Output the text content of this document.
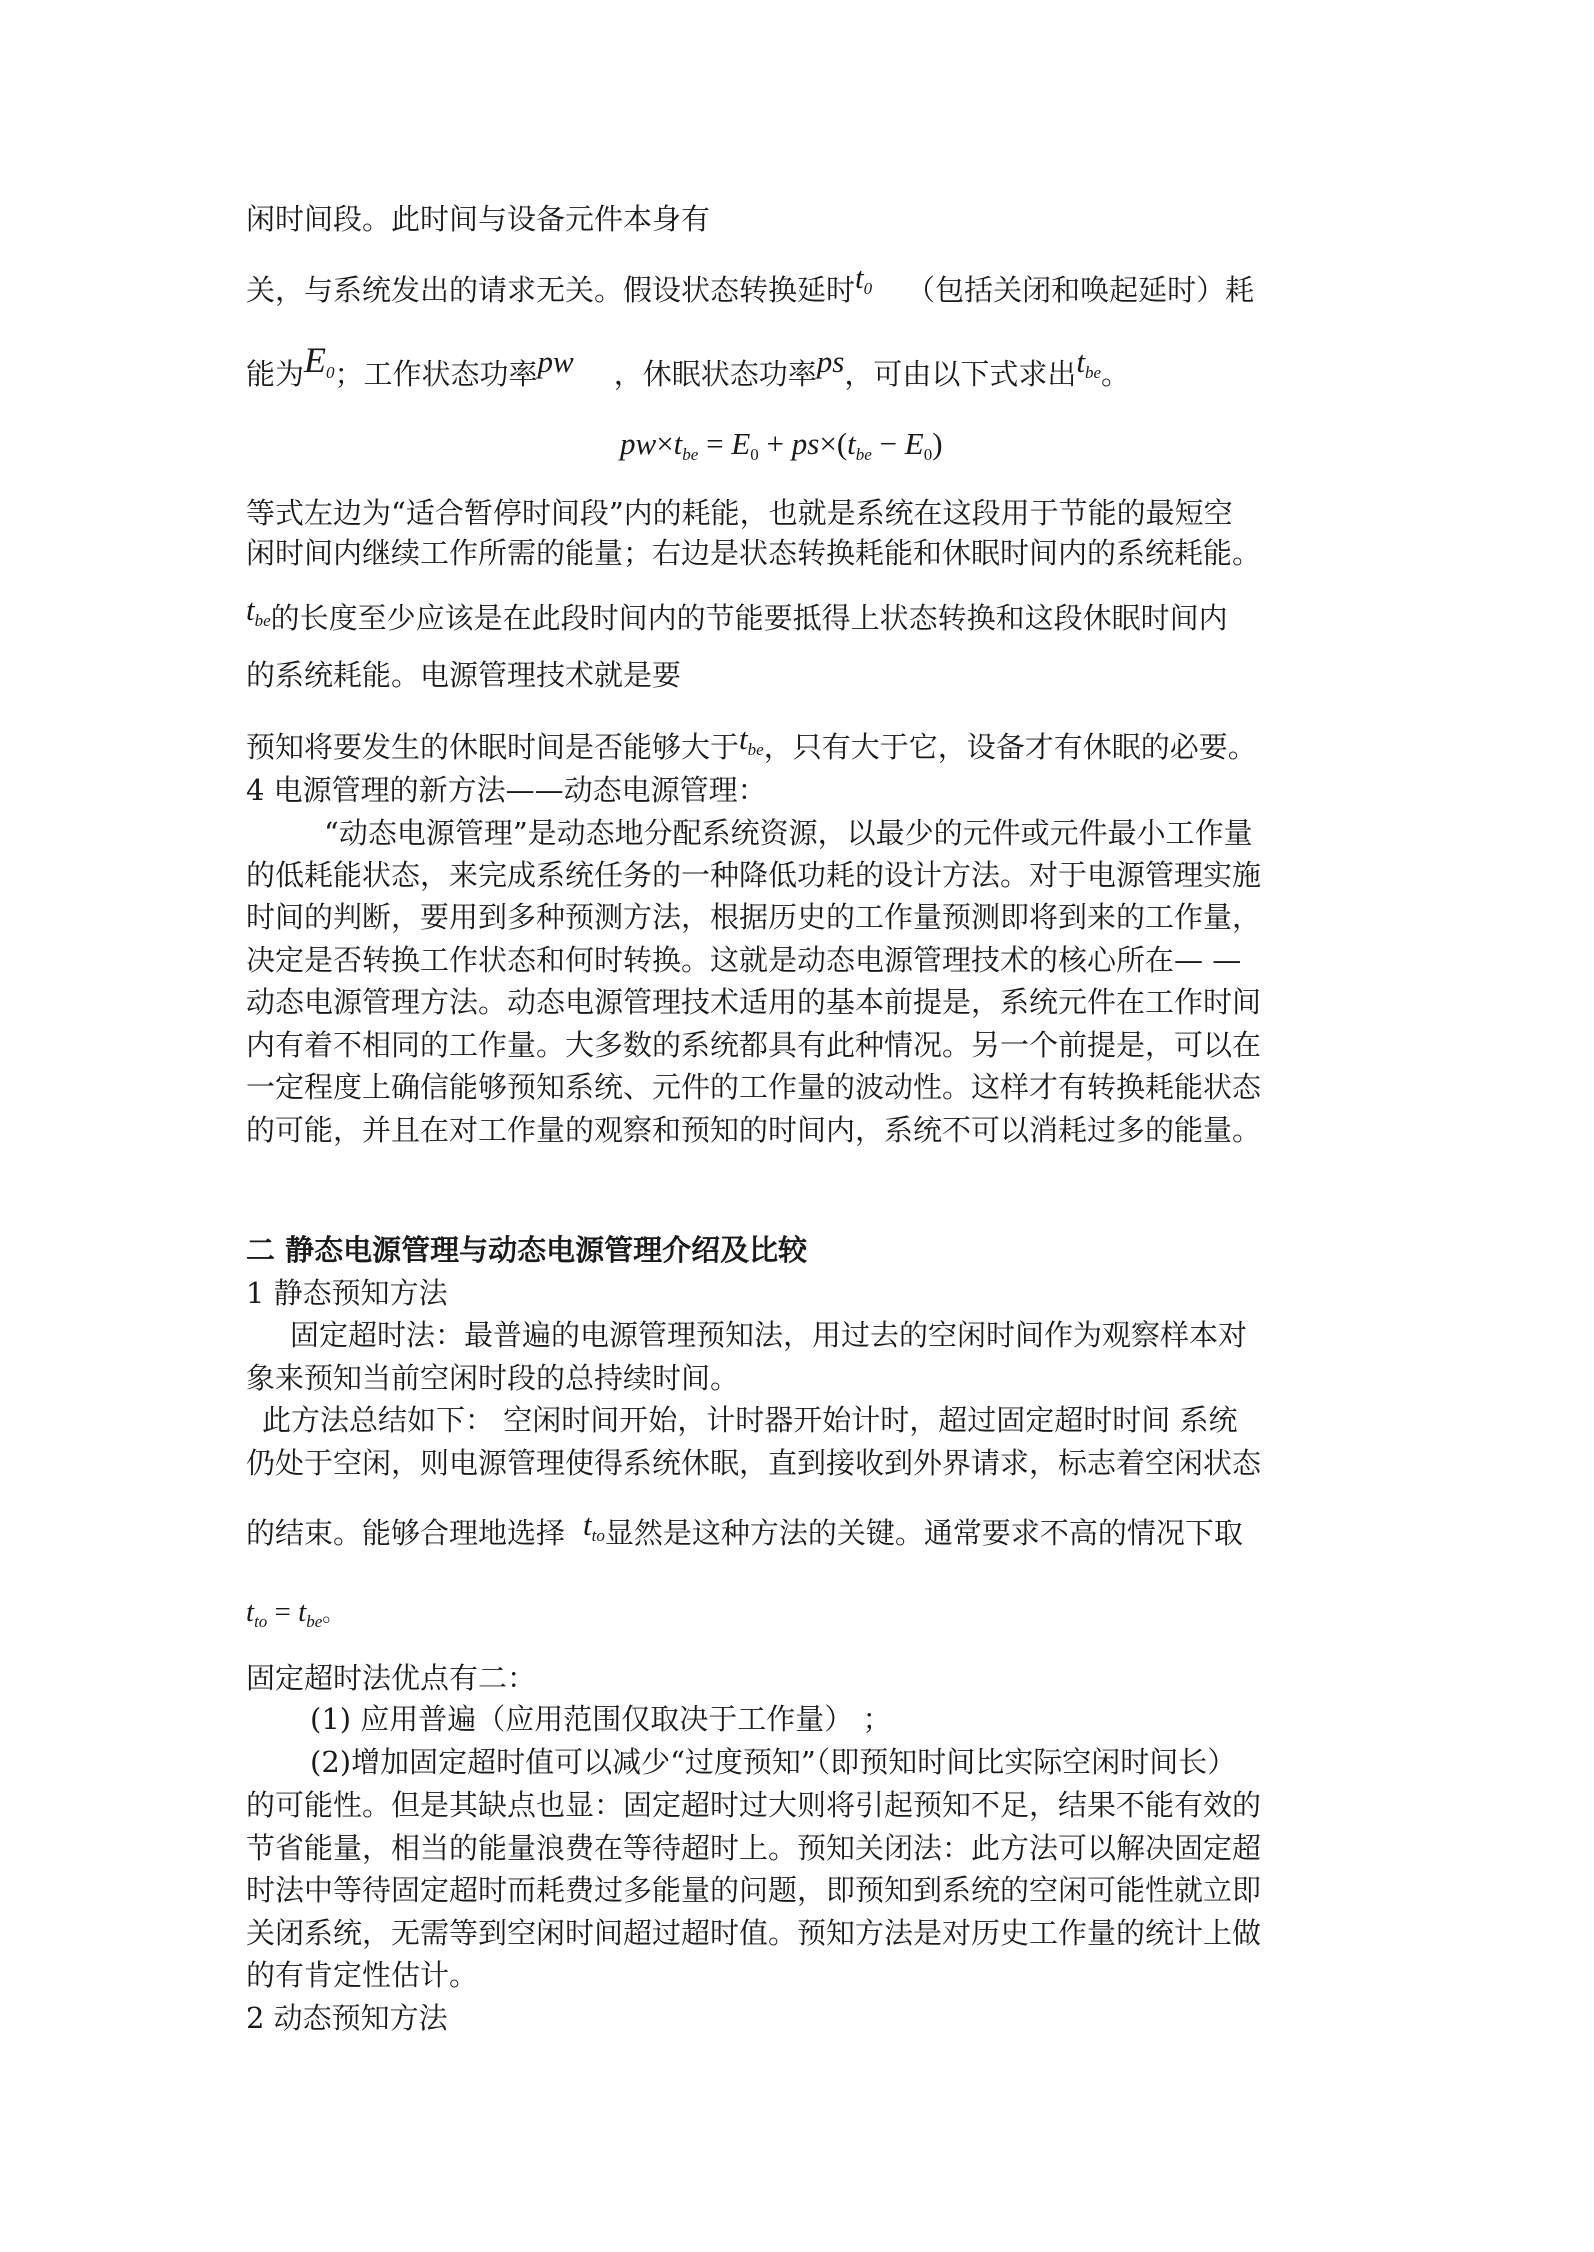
闲时间段。此时间与设备元件本身有
关，与系统发出的请求无关。假设状态转换延时$t_0$ （包括关闭和唤起延时）耗
能为$E_0$；工作状态功率pw ，休眠状态功率ps，可由以下式求出$t_{be}$。
$pw\times t_{be} = E_0 + ps\times(t_{be} - E_0)$
等式左边为“适合暂停时间段”内的耗能，也就是系统在这段用于节能的最短空
闲时间内继续工作所需的能量；右边是状态转换耗能和休眠时间内的系统耗能。
$t_{be}$的长度至少应该是在此段时间内的节能要抵得上状态转换和这段休眠时间内
的系统耗能。电源管理技术就是要
预知将要发生的休眠时间是否能够大于$t_{be}$，只有大于它，设备才有休眠的必要。
4 电源管理的新方法——动态电源管理：
“动态电源管理”是动态地分配系统资源，以最少的元件或元件最小工作量
的低耗能状态，来完成系统任务的一种降低功耗的设计方法。对于电源管理实施
时间的判断，要用到多种预测方法，根据历史的工作量预测即将到来的工作量，
决定是否转换工作状态和何时转换。这就是动态电源管理技术的核心所在— —
动态电源管理方法。动态电源管理技术适用的基本前提是，系统元件在工作时间
内有着不相同的工作量。大多数的系统都具有此种情况。另一个前提是，可以在
一定程度上确信能够预知系统、元件的工作量的波动性。这样才有转换耗能状态
的可能，并且在对工作量的观察和预知的时间内，系统不可以消耗过多的能量。
二 静态电源管理与动态电源管理介绍及比较
1 静态预知方法
固定超时法：最普遍的电源管理预知法，用过去的空闲时间作为观察样本对
象来预知当前空闲时段的总持续时间。
此方法总结如下： 空闲时间开始，计时器开始计时，超过固定超时时间 系统
仍处于空闲，则电源管理使得系统休眠，直到接收到外界请求，标志着空闲状态
的结束。能够合理地选择 $t_{to}$显然是这种方法的关键。通常要求不高的情况下取
$t_{to} = t_{be}$。
固定超时法优点有二：
(1) 应用普遍（应用范围仅取决于工作量） ；
(2)增加固定超时值可以减少“过度预知”（即预知时间比实际空闲时间长）
的可能性。但是其缺点也显：固定超时过大则将引起预知不足，结果不能有效的
节省能量，相当的能量浪费在等待超时上。预知关闭法：此方法可以解决固定超
时法中等待固定超时而耗费过多能量的问题，即预知到系统的空闲可能性就立即
关闭系统，无需等到空闲时间超过超时值。预知方法是对历史工作量的统计上做
的有肯定性估计。
2 动态预知方法
